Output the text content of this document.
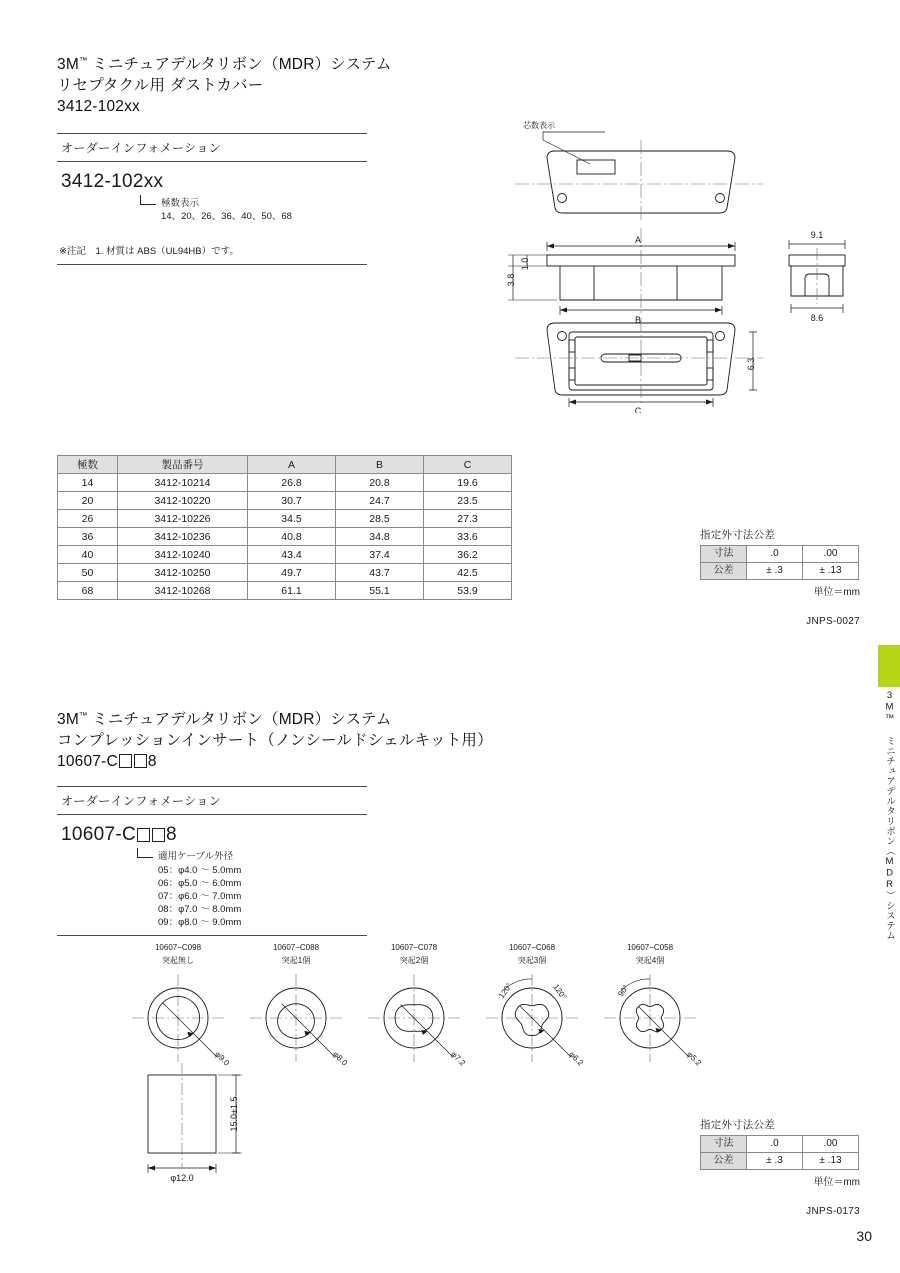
3M™ ミニチュアデルタリボン（MDR）システム
リセプタクル用 ダストカバー
3412-102xx
オーダーインフォメーション
3412-102xx
極数表示
14、20、26、36、40、50、68
※注記　1. 材質は ABS（UL94HB）です。
A
B
C
3.8
1.0
6.3
9.1
8.6
芯数表示
極数	製品番号	A	B	C
14	3412-10214	26.8	20.8	19.6
20	3412-10220	30.7	24.7	23.5
26	3412-10226	34.5	28.5	27.3
36	3412-10236	40.8	34.8	33.6
40	3412-10240	43.4	37.4	36.2
50	3412-10250	49.7	43.7	42.5
68	3412-10268	61.1	55.1	53.9
指定外寸法公差
寸法	.0	.00
公差	± .3	± .13
単位＝mm
JNPS-0027
3M™ ミニチュアデルタリボン（MDR）システム
コンプレッションインサート（ノンシールドシェルキット用）
10607-C 8
オーダーインフォメーション
10607-C 8
適用ケーブル外径
05：φ4.0 〜 5.0mm
06：φ5.0 〜 6.0mm
07：φ6.0 〜 7.0mm
08：φ7.0 〜 8.0mm
09：φ8.0 〜 9.0mm
10607−C098
突起無し
φ9.0
10607−C088
突起1個
φ8.0
10607−C078
突起2個
φ7.2
10607−C068
突起3個
φ6.2
120°	120°
10607−C058
突起4個
φ5.2
90°
15.0±1.5
φ12.0
指定外寸法公差
寸法	.0	.00
公差	± .3	± .13
単位＝mm
JNPS-0173
3M™ ミニチュアデルタリボン（MDR）システム
30
